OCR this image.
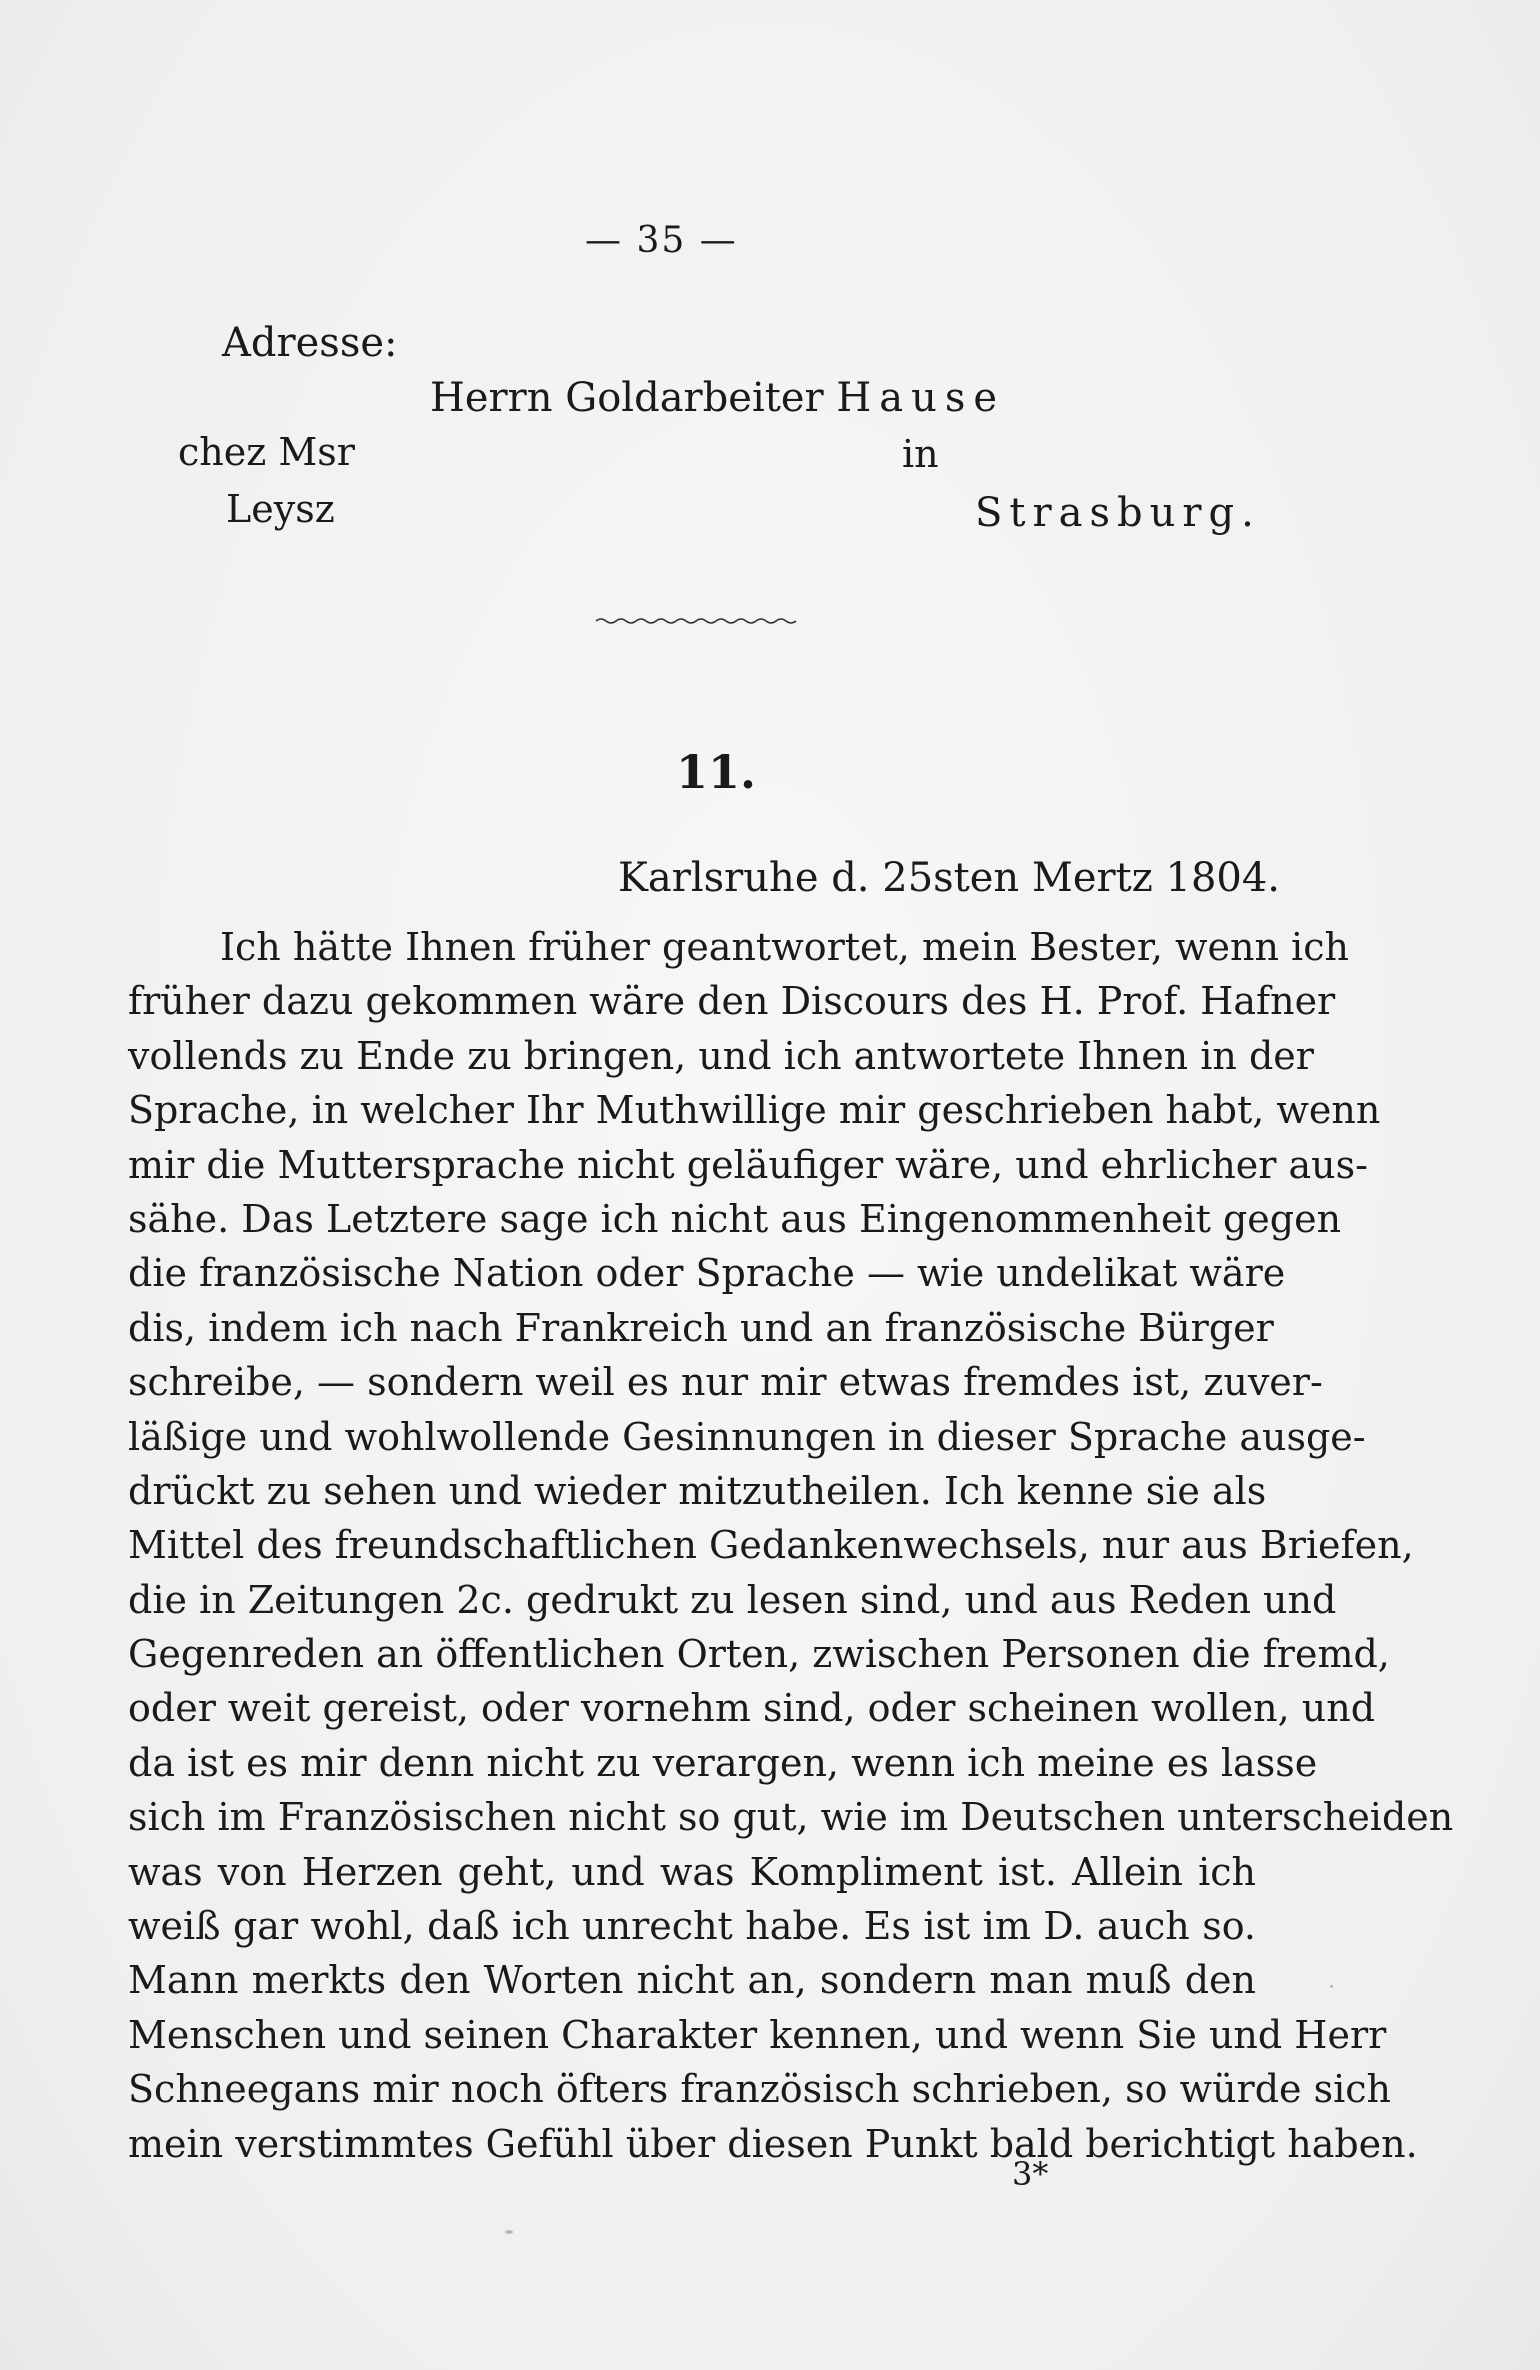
— 35 —
Adresse:
Herrn Goldarbeiter Hause
chez Msr	in
Leysz	Strasburg.
11.
Karlsruhe d. 25sten Mertz 1804.
Ich hätte Ihnen früher geantwortet, mein Bester, wenn ich
früher dazu gekommen wäre den Discours des H. Prof. Hafner
vollends zu Ende zu bringen, und ich antwortete Ihnen in der
Sprache, in welcher Ihr Muthwillige mir geschrieben habt, wenn
mir die Muttersprache nicht geläufiger wäre, und ehrlicher aus-
sähe. Das Letztere sage ich nicht aus Eingenommenheit gegen
die französische Nation oder Sprache — wie undelikat wäre
dis, indem ich nach Frankreich und an französische Bürger
schreibe, — sondern weil es nur mir etwas fremdes ist, zuver-
läßige und wohlwollende Gesinnungen in dieser Sprache ausge-
drückt zu sehen und wieder mitzutheilen. Ich kenne sie als
Mittel des freundschaftlichen Gedankenwechsels, nur aus Briefen,
die in Zeitungen 2c. gedrukt zu lesen sind, und aus Reden und
Gegenreden an öffentlichen Orten, zwischen Personen die fremd,
oder weit gereist, oder vornehm sind, oder scheinen wollen, und
da ist es mir denn nicht zu verargen, wenn ich meine es lasse
sich im Französischen nicht so gut, wie im Deutschen unterscheiden
was von Herzen geht, und was Kompliment ist. Allein ich
weiß gar wohl, daß ich unrecht habe. Es ist im D. auch so.
Mann merkts den Worten nicht an, sondern man muß den
Menschen und seinen Charakter kennen, und wenn Sie und Herr
Schneegans mir noch öfters französisch schrieben, so würde sich
mein verstimmtes Gefühl über diesen Punkt bald berichtigt haben.
3*
